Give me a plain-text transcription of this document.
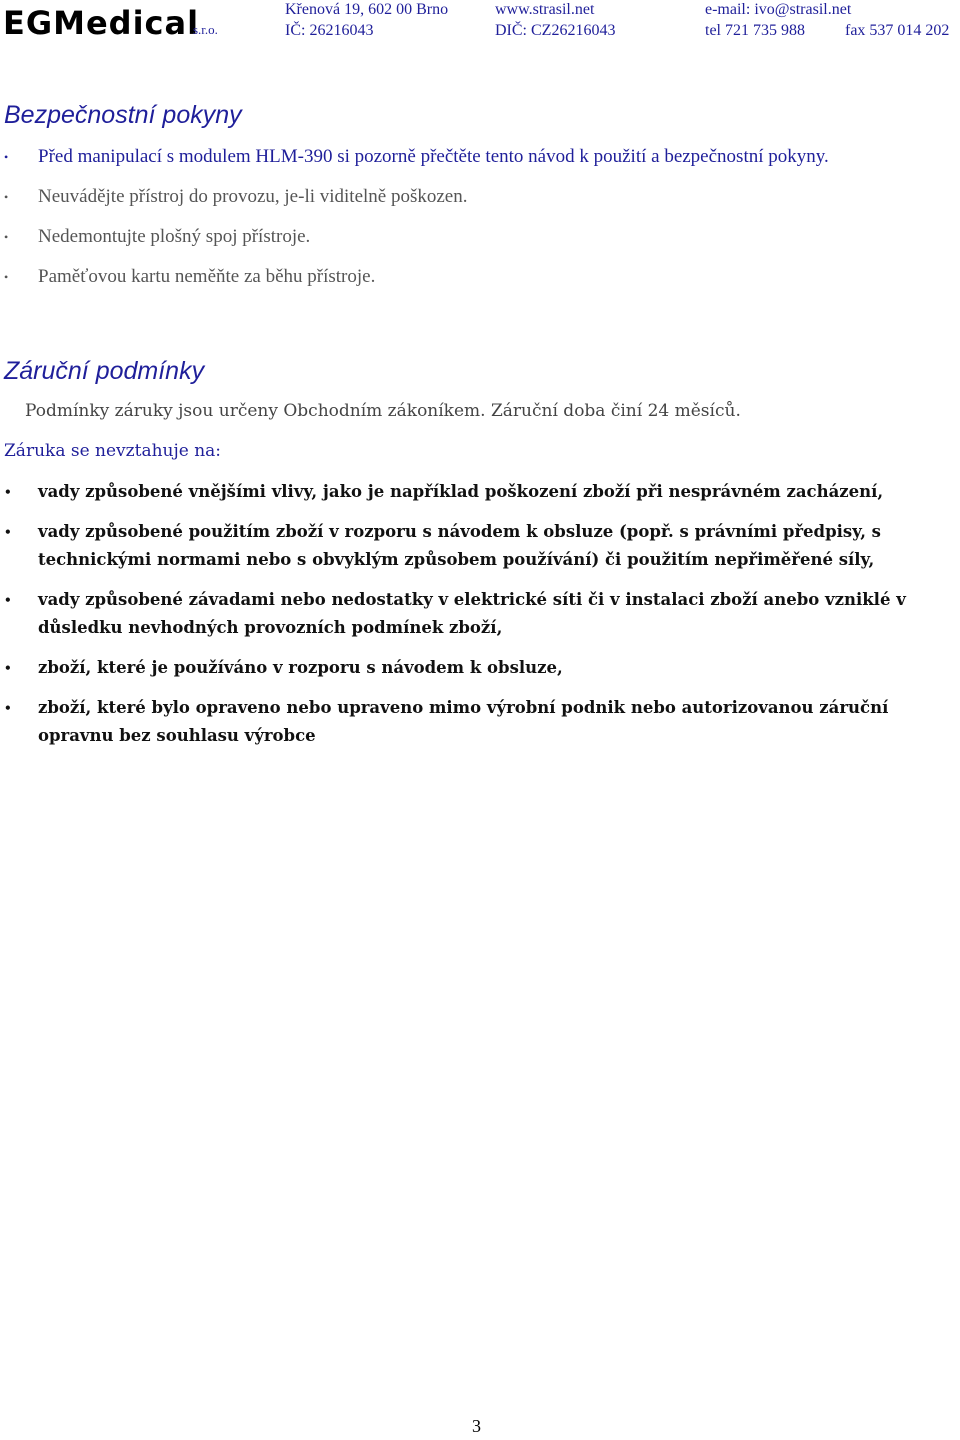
EGMedical
s.r.o.
Křenová 19, 602 00 Brno	www.strasil.net	e-mail: ivo@strasil.net
IČ: 26216043	DIČ: CZ26216043	tel 721 735 988	fax 537 014 202
Bezpečnostní pokyny
• Před manipulací s modulem HLM-390 si pozorně přečtěte tento návod k použití a bezpečnostní pokyny.
• Neuvádějte přístroj do provozu, je-li viditelně poškozen.
• Nedemontujte plošný spoj přístroje.
• Paměťovou kartu neměňte za běhu přístroje.
Záruční podmínky

Podmínky záruky jsou určeny Obchodním zákoníkem. Záruční doba činí 24 měsíců.

Záruka se nevztahuje na:

• vady způsobené vnějšími vlivy, jako je například poškození zboží při nesprávném zacházení,
• vady způsobené použitím zboží v rozporu s návodem k obsluze (popř. s právními předpisy, s technickými normami nebo s obvyklým způsobem používání) či použitím nepřiměřené síly,
• vady způsobené závadami nebo nedostatky v elektrické síti či v instalaci zboží anebo vzniklé v důsledku nevhodných provozních podmínek zboží,
• zboží, které je používáno v rozporu s návodem k obsluze,
• zboží, které bylo opraveno nebo upraveno mimo výrobní podnik nebo autorizovanou záruční opravnu bez souhlasu výrobce
3
